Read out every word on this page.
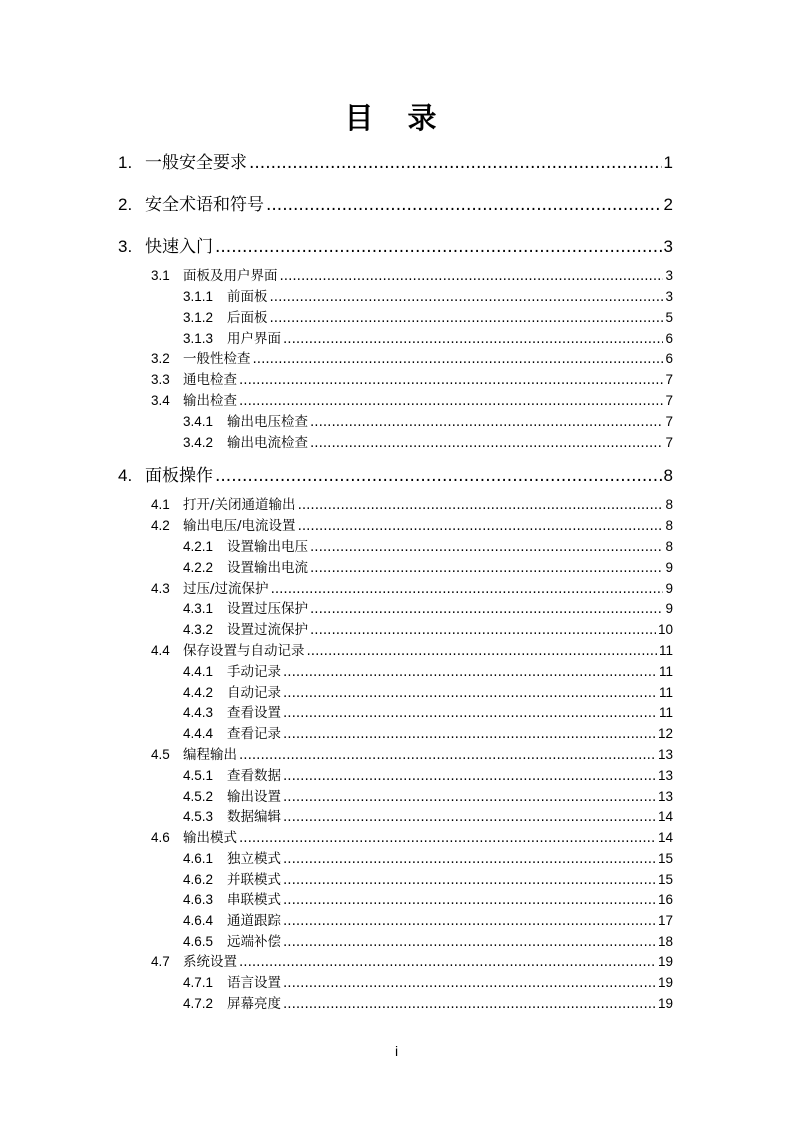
目 录
1. 一般安全要求 .....	1
2. 安全术语和符号 .....	2
3. 快速入门 .....	3
3.1 面板及用户界面 .....	3
3.1.1	前面板 .....	3
3.1.2	后面板 .....	5
3.1.3	用户界面 .....	6
3.2 一般性检查 .....	6
3.3 通电检查 .....	7
3.4 输出检查 .....	7
3.4.1	输出电压检查 .....	7
3.4.2	输出电流检查 .....	7
4. 面板操作 .....	8
4.1 打开/关闭通道输出 .....	8
4.2 输出电压/电流设置 .....	8
4.2.1	设置输出电压 .....	8
4.2.2	设置输出电流 .....	9
4.3 过压/过流保护 .....	9
4.3.1	设置过压保护 .....	9
4.3.2	设置过流保护 .....	10
4.4 保存设置与自动记录 .....	11
4.4.1	手动记录 .....	11
4.4.2	自动记录 .....	11
4.4.3	查看设置 .....	11
4.4.4	查看记录 .....	12
4.5 编程输出 .....	13
4.5.1	查看数据 .....	13
4.5.2	输出设置 .....	13
4.5.3	数据编辑 .....	14
4.6 输出模式 .....	14
4.6.1	独立模式 .....	15
4.6.2	并联模式 .....	15
4.6.3	串联模式 .....	16
4.6.4	通道跟踪 .....	17
4.6.5	远端补偿 .....	18
4.7 系统设置 .....	19
4.7.1	语言设置 .....	19
4.7.2	屏幕亮度 .....	19
i
